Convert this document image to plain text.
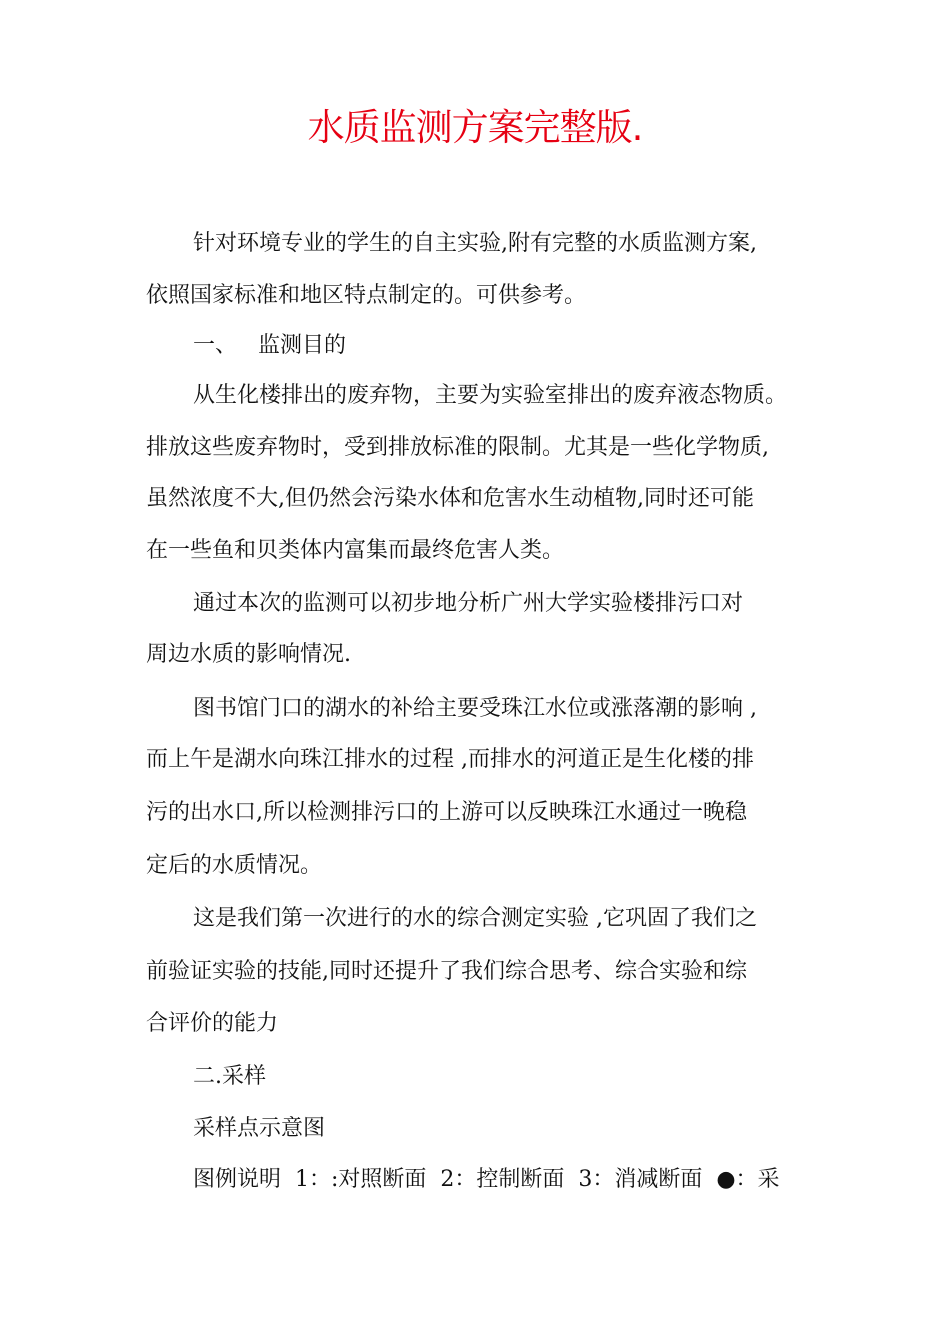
水质监测方案完整版.
针对环境专业的学生的自主实验,附有完整的水质监测方案,
依照国家标准和地区特点制定的。可供参考。
一、   监测目的
从生化楼排出的废弃物，主要为实验室排出的废弃液态物质。
排放这些废弃物时，受到排放标准的限制。尤其是一些化学物质,
虽然浓度不大,但仍然会污染水体和危害水生动植物,同时还可能
在一些鱼和贝类体内富集而最终危害人类。
通过本次的监测可以初步地分析广州大学实验楼排污口对
周边水质的影响情况.
图书馆门口的湖水的补给主要受珠江水位或涨落潮的影响 ,
而上午是湖水向珠江排水的过程 ,而排水的河道正是生化楼的排
污的出水口,所以检测排污口的上游可以反映珠江水通过一晚稳
定后的水质情况。
这是我们第一次进行的水的综合测定实验 ,它巩固了我们之
前验证实验的技能,同时还提升了我们综合思考、综合实验和综
合评价的能力
二.采样
采样点示意图
图例说明  1：:对照断面  2：控制断面  3：消减断面  ●：采
